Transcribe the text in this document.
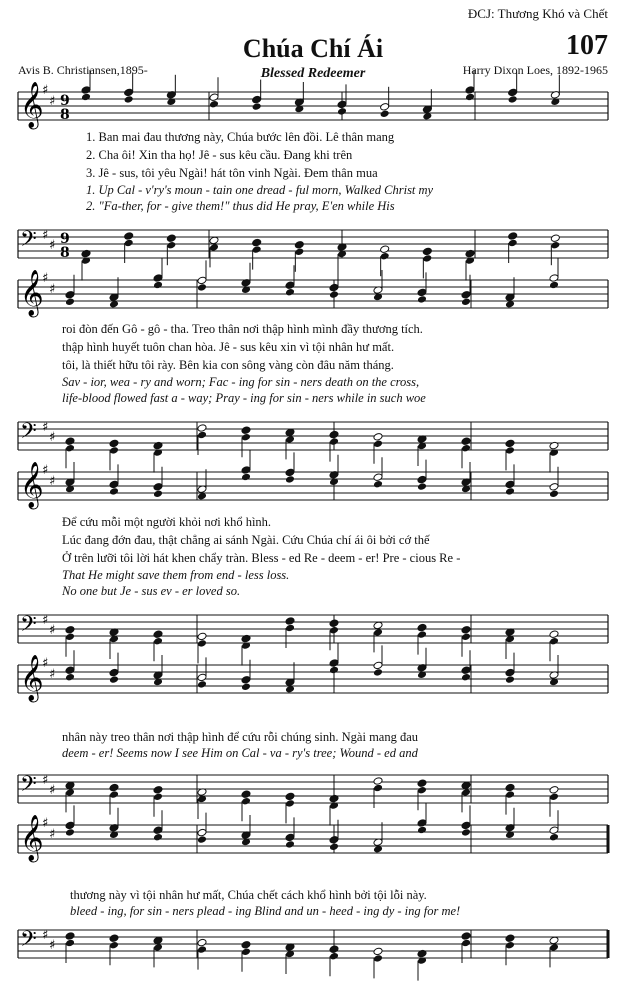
ĐCJ: Thương Khó và Chết
Chúa Chí Ái
Blessed Redeemer
107
Avis B. Christiansen,1895-	Harry Dixon Loes, 1892-1965
𝄞
♯
♯ 9
8
1. Ban mai đau thương này, Chúa bước lên đồi. Lê thân mang
2. Cha ôi! Xin tha họ! Jê - sus kêu cầu. Đang khi trên
3. Jê - sus, tôi yêu Ngài! hát tôn vinh Ngài. Đem thân mua
1. Up Cal - v'ry's moun - tain one dread - ful morn, Walked Christ my
2. "Fa-ther, for - give them!" thus did He pray, E'en while His
𝄢 ♯
♯ 9
8
𝄞
♯
♯
roi đòn đến Gô - gô - tha. Treo thân nơi thập hình mình đầy thương tích.
thập hình huyết tuôn chan hòa. Jê - sus kêu xin vì tội nhân hư mất.
tôi, là thiết hữu tôi rày. Bên kia con sông vàng còn đâu năm tháng.
Sav - ior, wea - ry and worn; Fac - ing for sin - ners death on the cross,
life-blood flowed fast a - way; Pray - ing for sin - ners while in such woe
𝄢 ♯
♯
𝄞
♯
♯
Để cứu mỗi một người khỏi nơi khổ hình.
Lúc đang đớn đau, thật chẳng ai sánh Ngài. Cứu Chúa chí ái ôi bởi cớ thế
Ở trên lưỡi tôi lời hát khen chẩy tràn. Bless - ed Re - deem - er! Pre - cious Re -
That He might save them from end - less loss.
No one but Je - sus ev - er loved so.
𝄢 ♯
♯
𝄞
♯
♯
nhân này treo thân nơi thập hình để cứu rỗi chúng sinh. Ngài mang đau
deem - er! Seems now I see Him on Cal - va - ry's tree; Wound - ed and
𝄢 ♯
♯
𝄞
♯
♯
thương này vì tội nhân hư mất, Chúa chết cách khổ hình bởi tội lỗi này.
bleed - ing, for sin - ners plead - ing Blind and un - heed - ing dy - ing for me!
𝄢 ♯
♯
